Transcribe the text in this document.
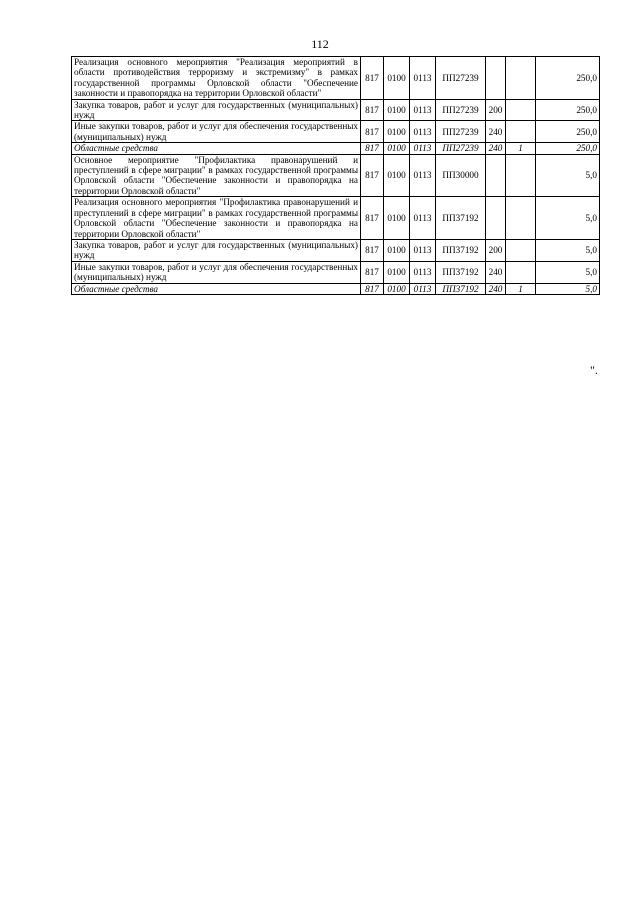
112
Реализация основного мероприятия "Реализация мероприятий в области противодействия терроризму и экстремизму" в рамках государственной программы Орловской области "Обеспечение законности и правопорядка на территории Орловской области"	817	0100	0113	ПП27239			250,0
Закупка товаров, работ и услуг для государственных (муниципальных) нужд	817	0100	0113	ПП27239	200		250,0
Иные закупки товаров, работ и услуг для обеспечения государственных (муниципальных) нужд	817	0100	0113	ПП27239	240		250,0
Областные средства	817	0100	0113	ПП27239	240	1	250,0
Основное мероприятие "Профилактика правонарушений и преступлений в сфере миграции" в рамках государственной программы Орловской области "Обеспечение законности и правопорядка на территории Орловской области"	817	0100	0113	ПП30000			5,0
Реализация основного мероприятия "Профилактика правонарушений и преступлений в сфере миграции" в рамках государственной программы Орловской области "Обеспечение законности и правопорядка на территории Орловской области"	817	0100	0113	ПП37192			5,0
Закупка товаров, работ и услуг для государственных (муниципальных) нужд	817	0100	0113	ПП37192	200		5,0
Иные закупки товаров, работ и услуг для обеспечения государственных (муниципальных) нужд	817	0100	0113	ПП37192	240		5,0
Областные средства	817	0100	0113	ПП37192	240	1	5,0
".
